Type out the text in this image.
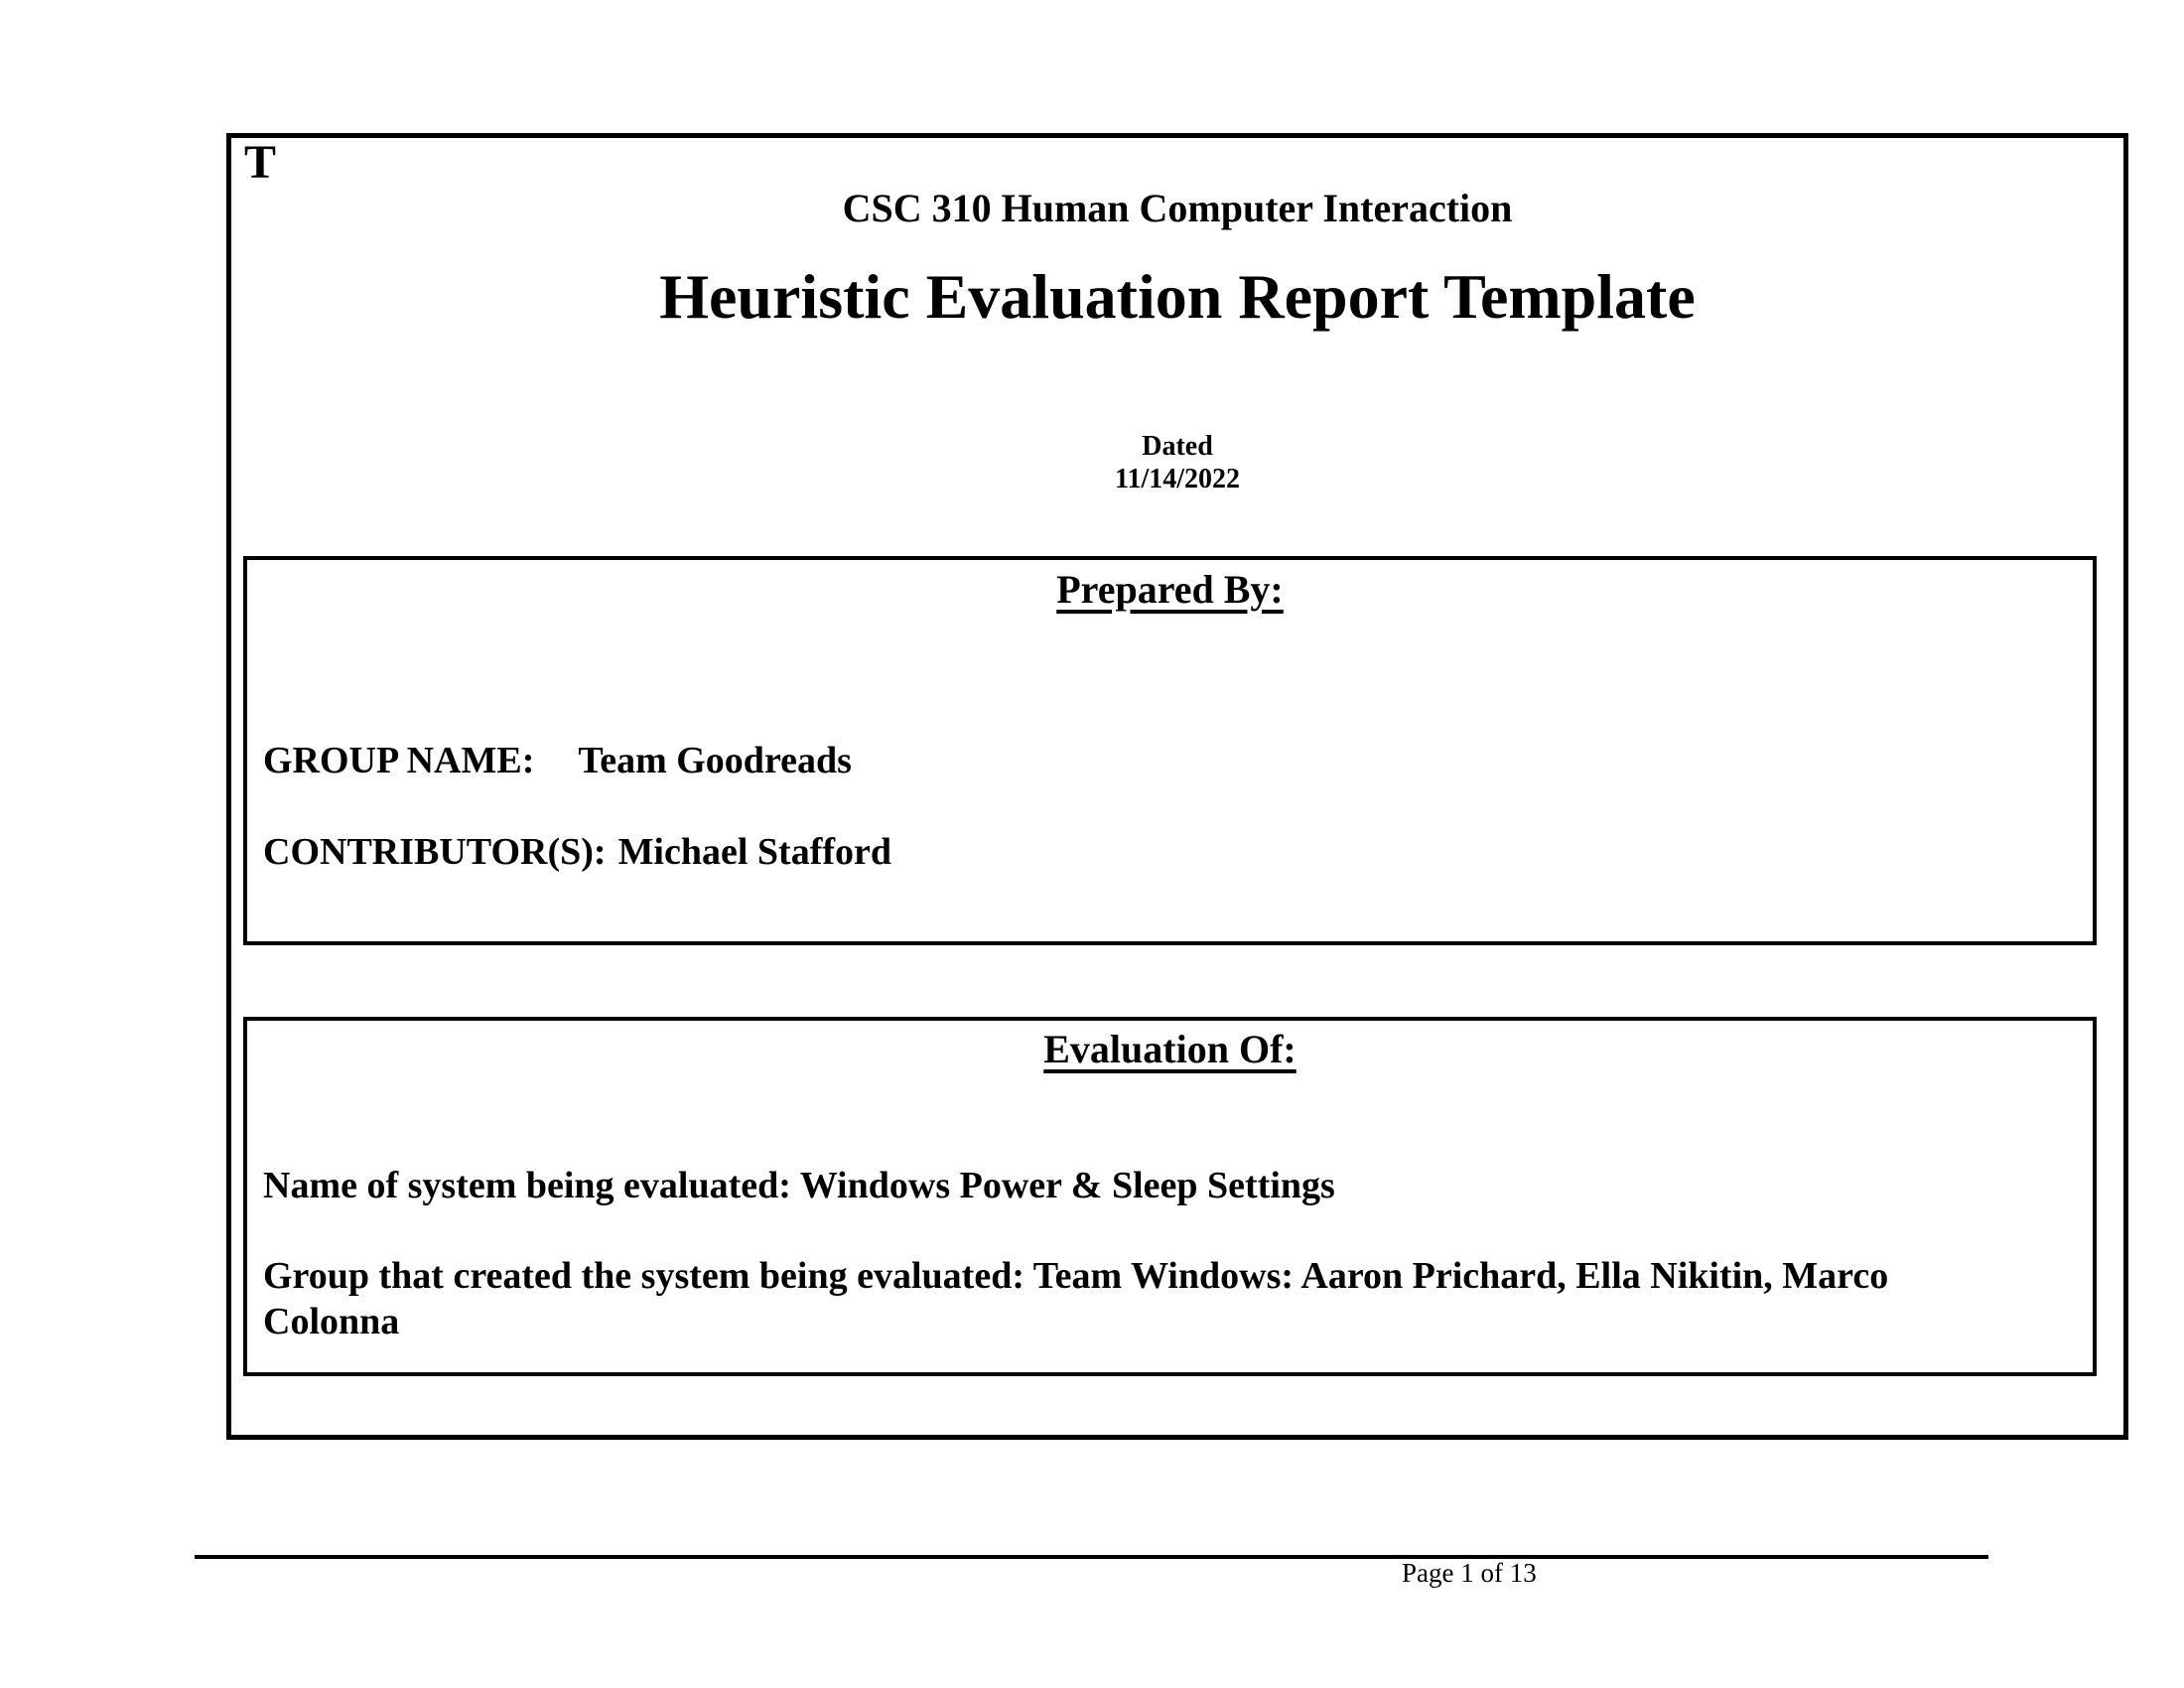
T
CSC 310 Human Computer Interaction
Heuristic Evaluation Report Template
Dated
11/14/2022
Prepared By:
GROUP NAME: Team Goodreads
CONTRIBUTOR(S): Michael Stafford
Evaluation Of:
Name of system being evaluated: Windows Power & Sleep Settings
Group that created the system being evaluated: Team Windows: Aaron Prichard, Ella Nikitin, Marco Colonna
Page 1 of 13
